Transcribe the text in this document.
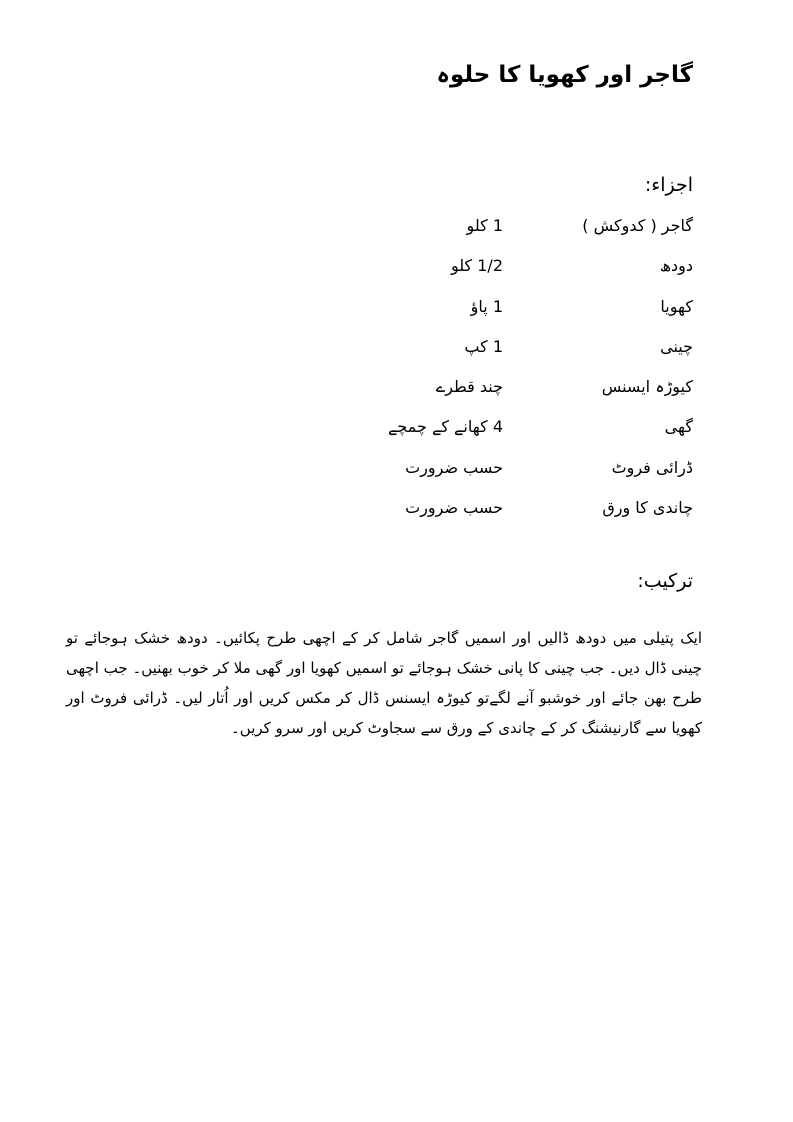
گاجر اور کھویا کا حلوہ
اجزاء:
گاجر ( کدوکش )
1 کلو
دودھ
1/2 کلو
کھویا
1 پاؤ
چینی
1 کپ
کیوڑہ ایسنس
چند قطرے
گھی
4 کھانے کے چمچے
ڈرائی فروٹ
حسب ضرورت
چاندی کا ورق
حسب ضرورت
ترکیب:

ایک پتیلی میں دودھ ڈالیں اور اسمیں گاجر شامل کر کے اچھی طرح پکائیں۔ دودھ خشک ہوجائے تو چینی ڈال دیں۔ جب چینی کا پانی خشک ہوجائے تو اسمیں کھویا اور گھی ملا کر خوب بھنیں۔ جب اچھی طرح بھن جائے اور خوشبو آنے لگےتو کیوڑہ ایسنس ڈال کر مکس کریں اور اُتار لیں۔ ڈرائی فروٹ اور کھویا سے گارنیشنگ کر کے چاندی کے ورق سے سجاوٹ کریں اور سرو کریں۔
